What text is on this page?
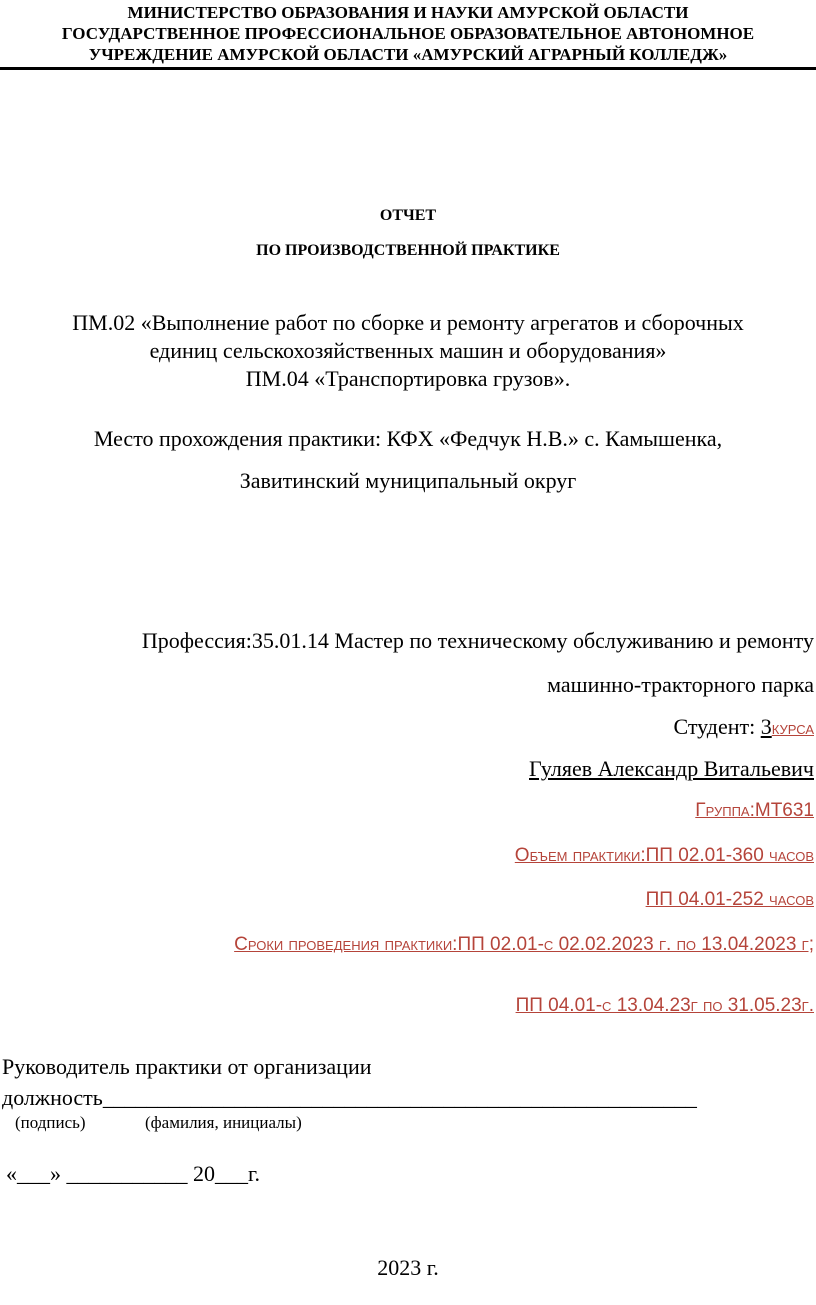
МИНИСТЕРСТВО ОБРАЗОВАНИЯ И НАУКИ АМУРСКОЙ ОБЛАСТИ
ГОСУДАРСТВЕННОЕ ПРОФЕССИОНАЛЬНОЕ ОБРАЗОВАТЕЛЬНОЕ АВТОНОМНОЕ
УЧРЕЖДЕНИЕ АМУРСКОЙ ОБЛАСТИ «АМУРСКИЙ АГРАРНЫЙ КОЛЛЕДЖ»
ОТЧЕТ
ПО ПРОИЗВОДСТВЕННОЙ ПРАКТИКЕ
ПМ.02 «Выполнение работ по сборке и ремонту агрегатов и сборочных
единиц сельскохозяйственных машин и оборудования»
ПМ.04 «Транспортировка грузов».
Место прохождения практики: КФХ «Федчук Н.В.» с. Камышенка,
Завитинский муниципальный округ
Профессия:35.01.14 Мастер по техническому обслуживанию и ремонту
машинно-тракторного парка
Студент: 3курса
Гуляев Александр Витальевич
Группа:МТ631
Объем практики:ПП 02.01-360 часов
ПП 04.01-252 часов
Сроки проведения практики:ПП 02.01-с 02.02.2023 г. по 13.04.2023 г;
ПП 04.01-с 13.04.23г по 31.05.23г.
Руководитель практики от организации
должность______________________________________________________
(подпись)	(фамилия, инициалы)
«___» ___________ 20___г.
2023 г.
